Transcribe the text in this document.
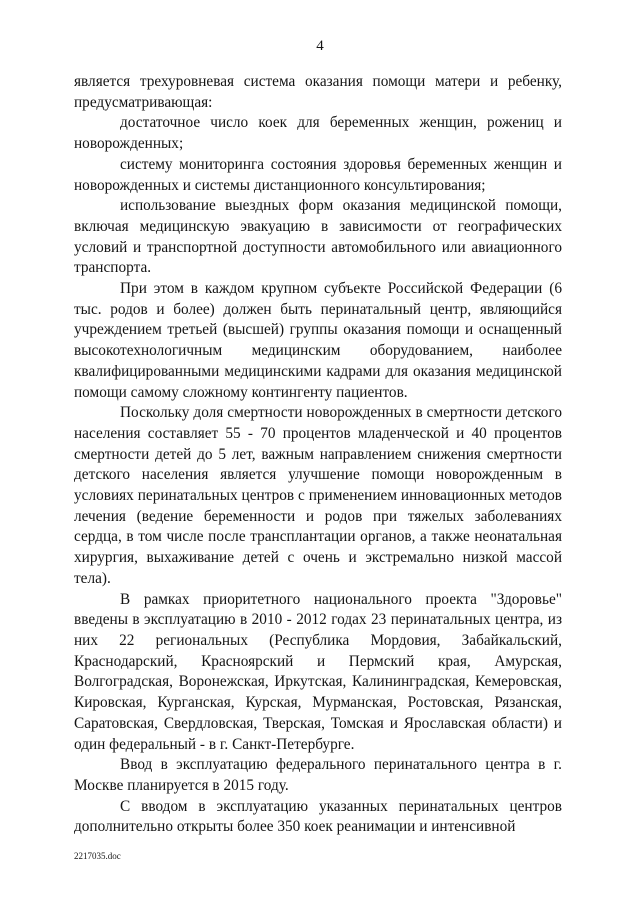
4

является трехуровневая система оказания помощи матери и ребенку, предусматривающая:

достаточное число коек для беременных женщин, рожениц и новорожденных;

систему мониторинга состояния здоровья беременных женщин и новорожденных и системы дистанционного консультирования;

использование выездных форм оказания медицинской помощи, включая медицинскую эвакуацию в зависимости от географических условий и транспортной доступности автомобильного или авиационного транспорта.

При этом в каждом крупном субъекте Российской Федерации (6 тыс. родов и более) должен быть перинатальный центр, являющийся учреждением третьей (высшей) группы оказания помощи и оснащенный высокотехнологичным медицинским оборудованием, наиболее квалифицированными медицинскими кадрами для оказания медицинской помощи самому сложному контингенту пациентов.

Поскольку доля смертности новорожденных в смертности детского населения составляет 55 - 70 процентов младенческой и 40 процентов смертности детей до 5 лет, важным направлением снижения смертности детского населения является улучшение помощи новорожденным в условиях перинатальных центров с применением инновационных методов лечения (ведение беременности и родов при тяжелых заболеваниях сердца, в том числе после трансплантации органов, а также неонатальная хирургия, выхаживание детей с очень и экстремально низкой массой тела).

В рамках приоритетного национального проекта "Здоровье" введены в эксплуатацию в 2010 - 2012 годах 23 перинатальных центра, из них 22 региональных (Республика Мордовия, Забайкальский, Краснодарский, Красноярский и Пермский края, Амурская, Волгоградская, Воронежская, Иркутская, Калининградская, Кемеровская, Кировская, Курганская, Курская, Мурманская, Ростовская, Рязанская, Саратовская, Свердловская, Тверская, Томская и Ярославская области) и один федеральный - в г. Санкт-Петербурге.

Ввод в эксплуатацию федерального перинатального центра в г. Москве планируется в 2015 году.

С вводом в эксплуатацию указанных перинатальных центров дополнительно открыты более 350 коек реанимации и интенсивной

2217035.doc
